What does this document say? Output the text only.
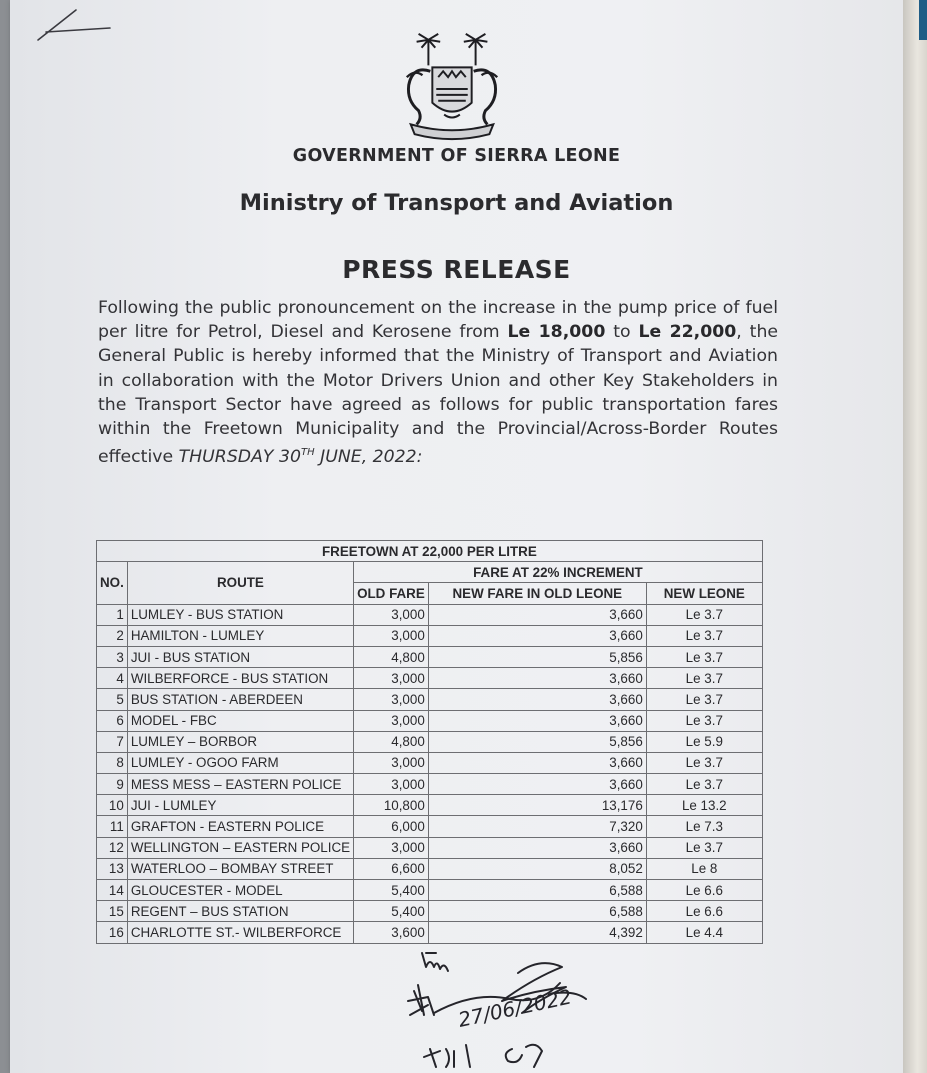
GOVERNMENT OF SIERRA LEONE
Ministry of Transport and Aviation
PRESS RELEASE

Following the public pronouncement on the increase in the pump price of fuel per litre for Petrol, Diesel and Kerosene from Le 18,000 to Le 22,000, the General Public is hereby informed that the Ministry of Transport and Aviation in collaboration with the Motor Drivers Union and other Key Stakeholders in the Transport Sector have agreed as follows for public transportation fares within the Freetown Municipality and the Provincial/Across-Border Routes effective THURSDAY 30TH JUNE, 2022:

FREETOWN AT 22,000 PER LITRE				
NO.	ROUTE	FARE AT 22% INCREMENT		
		OLD FARE	NEW FARE IN OLD LEONE	NEW LEONE
1	LUMLEY - BUS STATION	3,000	3,660	Le 3.7
2	HAMILTON - LUMLEY	3,000	3,660	Le 3.7
3	JUI - BUS STATION	4,800	5,856	Le 3.7
4	WILBERFORCE - BUS STATION	3,000	3,660	Le 3.7
5	BUS STATION - ABERDEEN	3,000	3,660	Le 3.7
6	MODEL - FBC	3,000	3,660	Le 3.7
7	LUMLEY – BORBOR	4,800	5,856	Le 5.9
8	LUMLEY - OGOO FARM	3,000	3,660	Le 3.7
9	MESS MESS – EASTERN POLICE	3,000	3,660	Le 3.7
10	JUI - LUMLEY	10,800	13,176	Le 13.2
11	GRAFTON - EASTERN POLICE	6,000	7,320	Le 7.3
12	WELLINGTON – EASTERN POLICE	3,000	3,660	Le 3.7
13	WATERLOO – BOMBAY STREET	6,600	8,052	Le 8
14	GLOUCESTER - MODEL	5,400	6,588	Le 6.6
15	REGENT – BUS STATION	5,400	6,588	Le 6.6
16	CHARLOTTE ST.- WILBERFORCE	3,600	4,392	Le 4.4
27/06/2022
